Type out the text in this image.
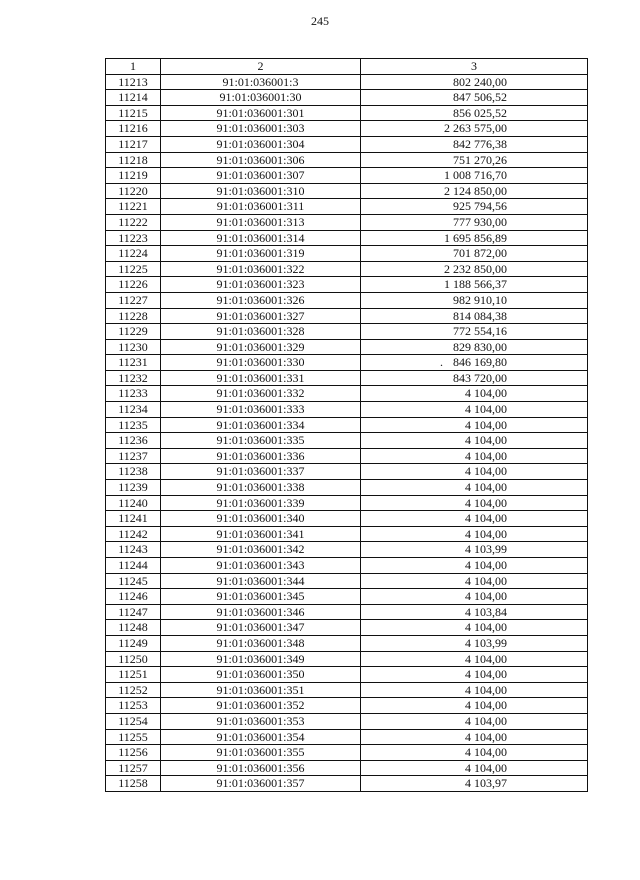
245
1	2	3
11213	91:01:036001:3	802 240,00
11214	91:01:036001:30	847 506,52
11215	91:01:036001:301	856 025,52
11216	91:01:036001:303	2 263 575,00
11217	91:01:036001:304	842 776,38
11218	91:01:036001:306	751 270,26
11219	91:01:036001:307	1 008 716,70
11220	91:01:036001:310	2 124 850,00
11221	91:01:036001:311	925 794,56
11222	91:01:036001:313	777 930,00
11223	91:01:036001:314	1 695 856,89
11224	91:01:036001:319	701 872,00
11225	91:01:036001:322	2 232 850,00
11226	91:01:036001:323	1 188 566,37
11227	91:01:036001:326	982 910,10
11228	91:01:036001:327	814 084,38
11229	91:01:036001:328	772 554,16
11230	91:01:036001:329	829 830,00
11231	91:01:036001:330	. 846 169,80
11232	91:01:036001:331	843 720,00
11233	91:01:036001:332	4 104,00
11234	91:01:036001:333	4 104,00
11235	91:01:036001:334	4 104,00
11236	91:01:036001:335	4 104,00
11237	91:01:036001:336	4 104,00
11238	91:01:036001:337	4 104,00
11239	91:01:036001:338	4 104,00
11240	91:01:036001:339	4 104,00
11241	91:01:036001:340	4 104,00
11242	91:01:036001:341	4 104,00
11243	91:01:036001:342	4 103,99
11244	91:01:036001:343	4 104,00
11245	91:01:036001:344	4 104,00
11246	91:01:036001:345	4 104,00
11247	91:01:036001:346	4 103,84
11248	91:01:036001:347	4 104,00
11249	91:01:036001:348	4 103,99
11250	91:01:036001:349	4 104,00
11251	91:01:036001:350	4 104,00
11252	91:01:036001:351	4 104,00
11253	91:01:036001:352	4 104,00
11254	91:01:036001:353	4 104,00
11255	91:01:036001:354	4 104,00
11256	91:01:036001:355	4 104,00
11257	91:01:036001:356	4 104,00
11258	91:01:036001:357	4 103,97
